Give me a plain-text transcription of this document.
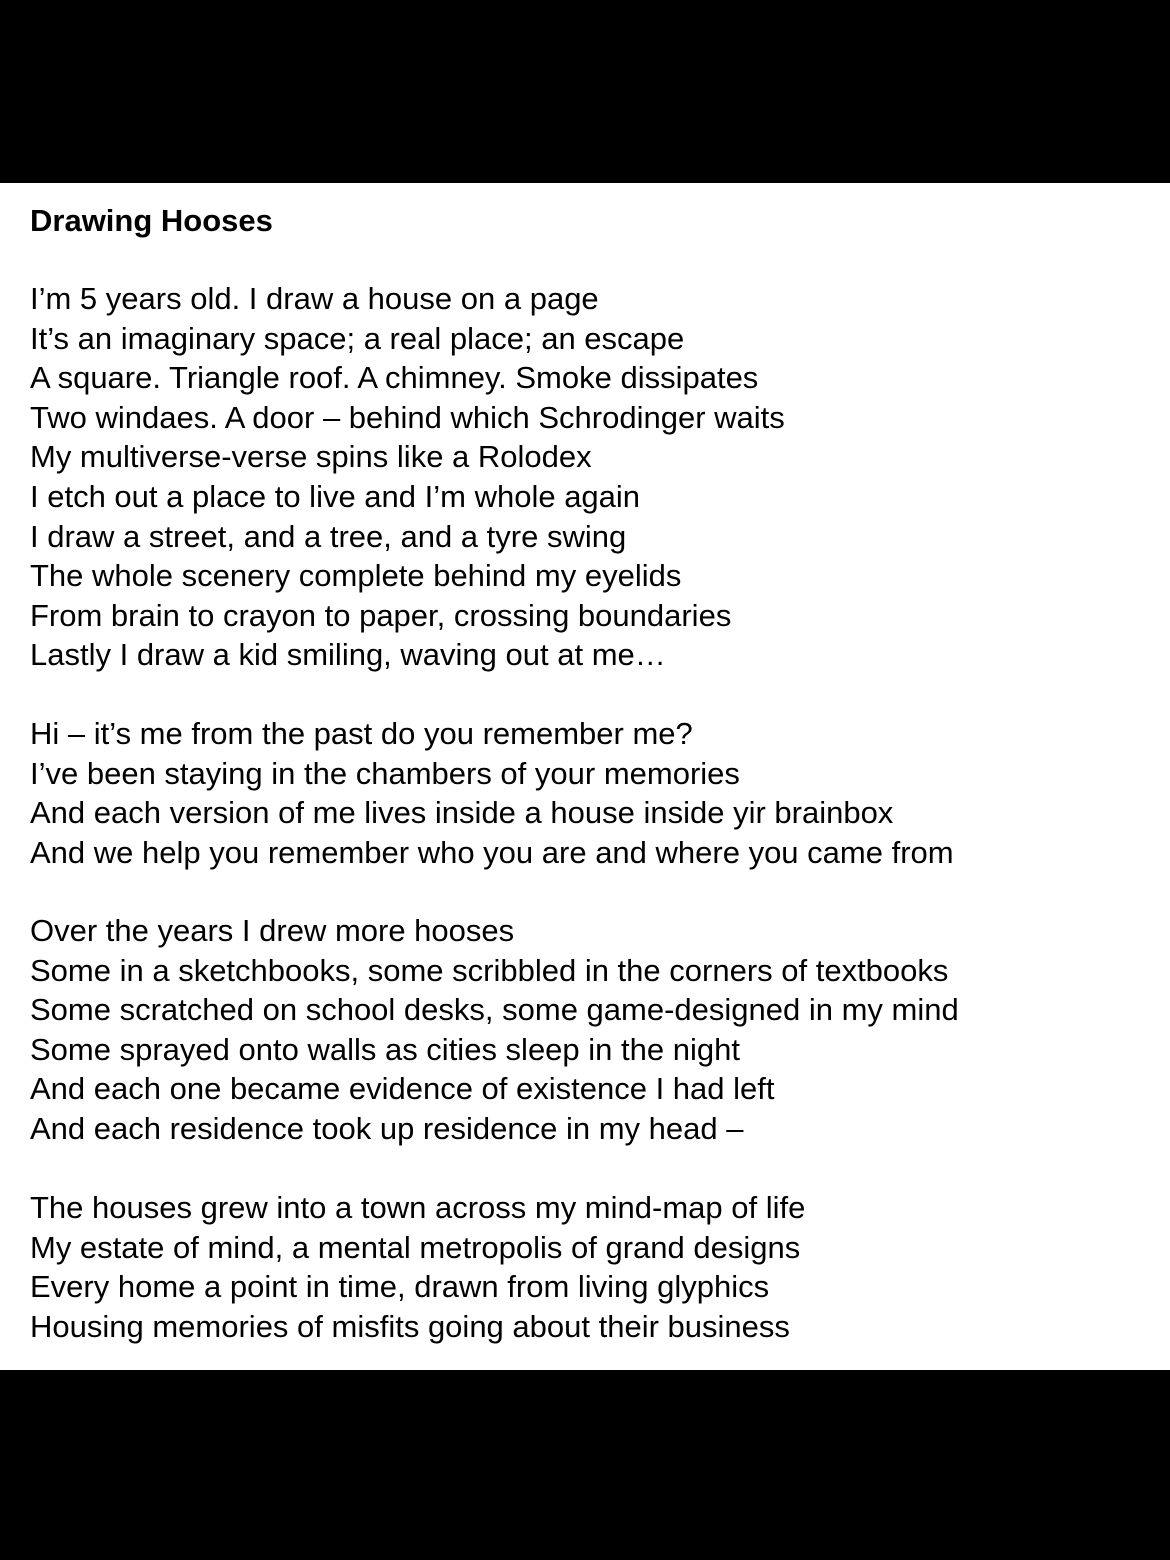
Drawing Hooses
I’m 5 years old. I draw a house on a page
It’s an imaginary space; a real place; an escape
A square. Triangle roof. A chimney. Smoke dissipates
Two windaes. A door – behind which Schrodinger waits
My multiverse-verse spins like a Rolodex
I etch out a place to live and I’m whole again
I draw a street, and a tree, and a tyre swing
The whole scenery complete behind my eyelids
From brain to crayon to paper, crossing boundaries
Lastly I draw a kid smiling, waving out at me…
Hi – it’s me from the past do you remember me?
I’ve been staying in the chambers of your memories
And each version of me lives inside a house inside yir brainbox
And we help you remember who you are and where you came from
Over the years I drew more hooses
Some in a sketchbooks, some scribbled in the corners of textbooks
Some scratched on school desks, some game-designed in my mind
Some sprayed onto walls as cities sleep in the night
And each one became evidence of existence I had left
And each residence took up residence in my head –
The houses grew into a town across my mind-map of life
My estate of mind, a mental metropolis of grand designs
Every home a point in time, drawn from living glyphics
Housing memories of misfits going about their business
